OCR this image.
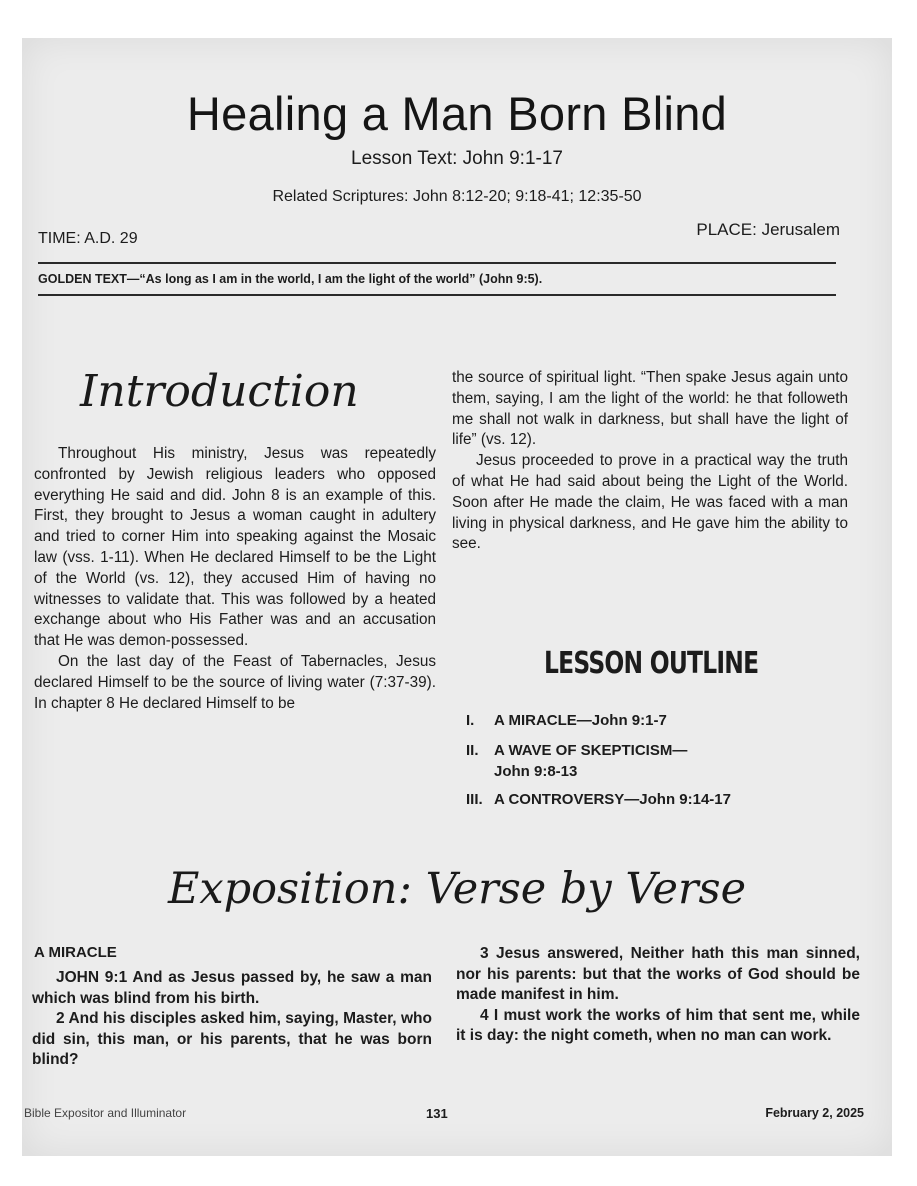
Healing a Man Born Blind
Lesson Text: John 9:1-17
Related Scriptures: John 8:12-20; 9:18-41; 12:35-50
TIME: A.D. 29	PLACE: Jerusalem
GOLDEN TEXT—“As long as I am in the world, I am the light of the world” (John 9:5).
Introduction

Throughout His ministry, Jesus was repeatedly confronted by Jewish religious leaders who opposed everything He said and did. John 8 is an example of this. First, they brought to Jesus a woman caught in adultery and tried to corner Him into speaking against the Mosaic law (vss. 1-11). When He declared Himself to be the Light of the World (vs. 12), they accused Him of having no witnesses to validate that. This was followed by a heated exchange about who His Father was and an accusation that He was demon-possessed.

On the last day of the Feast of Tabernacles, Jesus declared Himself to be the source of living water (7:37-39). In chapter 8 He declared Himself to be

the source of spiritual light. “Then spake Jesus again unto them, saying, I am the light of the world: he that followeth me shall not walk in darkness, but shall have the light of life” (vs. 12).

Jesus proceeded to prove in a practical way the truth of what He had said about being the Light of the World. Soon after He made the claim, He was faced with a man living in physical darkness, and He gave him the ability to see.

LESSON OUTLINE
I.	A MIRACLE—John 9:1-7
II.	A WAVE OF SKEPTICISM—
John 9:8-13
III. A CONTROVERSY—John 9:14-17
Exposition: Verse by Verse
A MIRACLE

JOHN 9:1 And as Jesus passed by, he saw a man which was blind from his birth.

2 And his disciples asked him, saying, Master, who did sin, this man, or his parents, that he was born blind?

3 Jesus answered, Neither hath this man sinned, nor his parents: but that the works of God should be made manifest in him.

4 I must work the works of him that sent me, while it is day: the night cometh, when no man can work.

Bible Expositor and Illuminator	131	February 2, 2025
